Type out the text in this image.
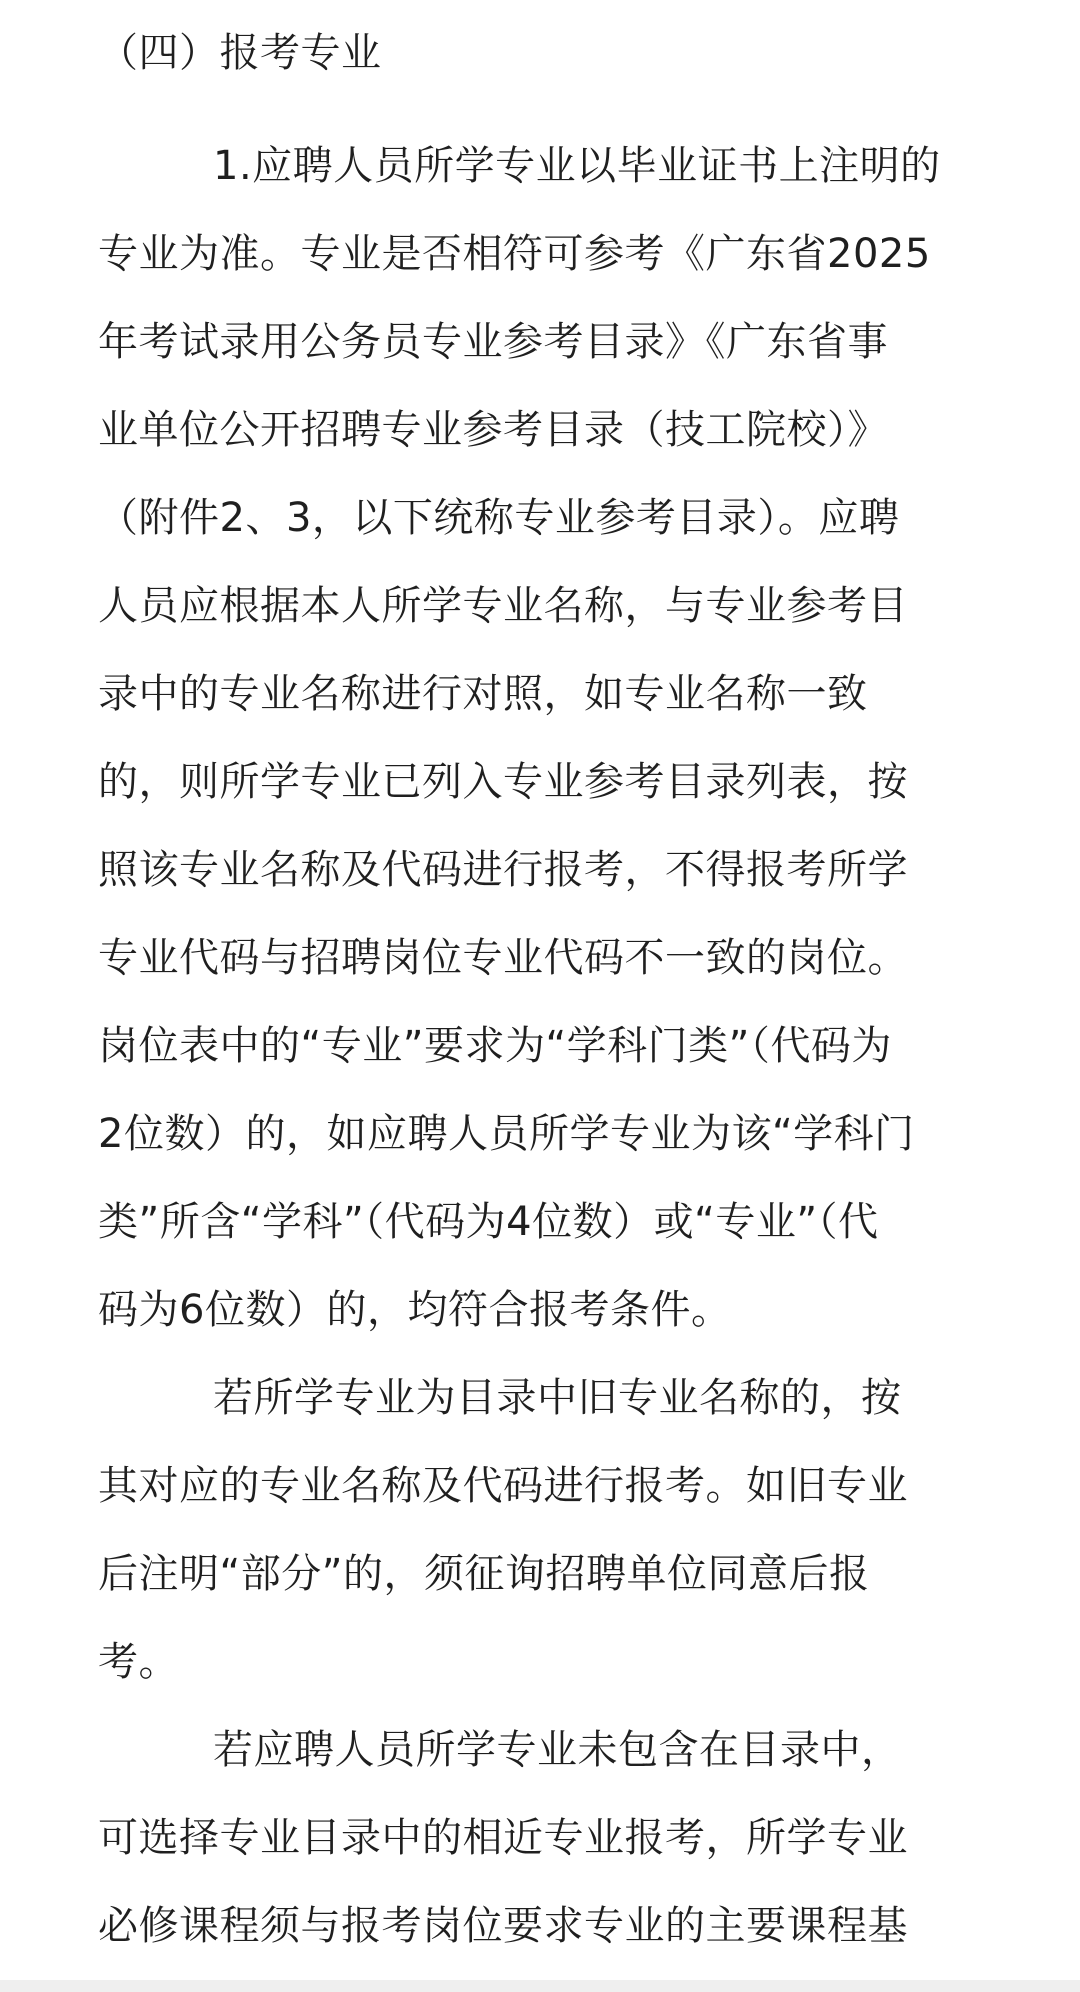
（四）报考专业
1.应聘人员所学专业以毕业证书上注明的
专业为准。专业是否相符可参考《广东省2025
年考试录用公务员专业参考目录》《广东省事
业单位公开招聘专业参考目录（技工院校）》
（附件2、3，以下统称专业参考目录）。应聘
人员应根据本人所学专业名称，与专业参考目
录中的专业名称进行对照，如专业名称一致
的，则所学专业已列入专业参考目录列表，按
照该专业名称及代码进行报考，不得报考所学
专业代码与招聘岗位专业代码不一致的岗位。
岗位表中的“专业”要求为“学科门类”（代码为
2位数）的，如应聘人员所学专业为该“学科门
类”所含“学科”（代码为4位数）或“专业”（代
码为6位数）的，均符合报考条件。
若所学专业为目录中旧专业名称的，按
其对应的专业名称及代码进行报考。如旧专业
后注明“部分”的，须征询招聘单位同意后报
考。
若应聘人员所学专业未包含在目录中，
可选择专业目录中的相近专业报考，所学专业
必修课程须与报考岗位要求专业的主要课程基
